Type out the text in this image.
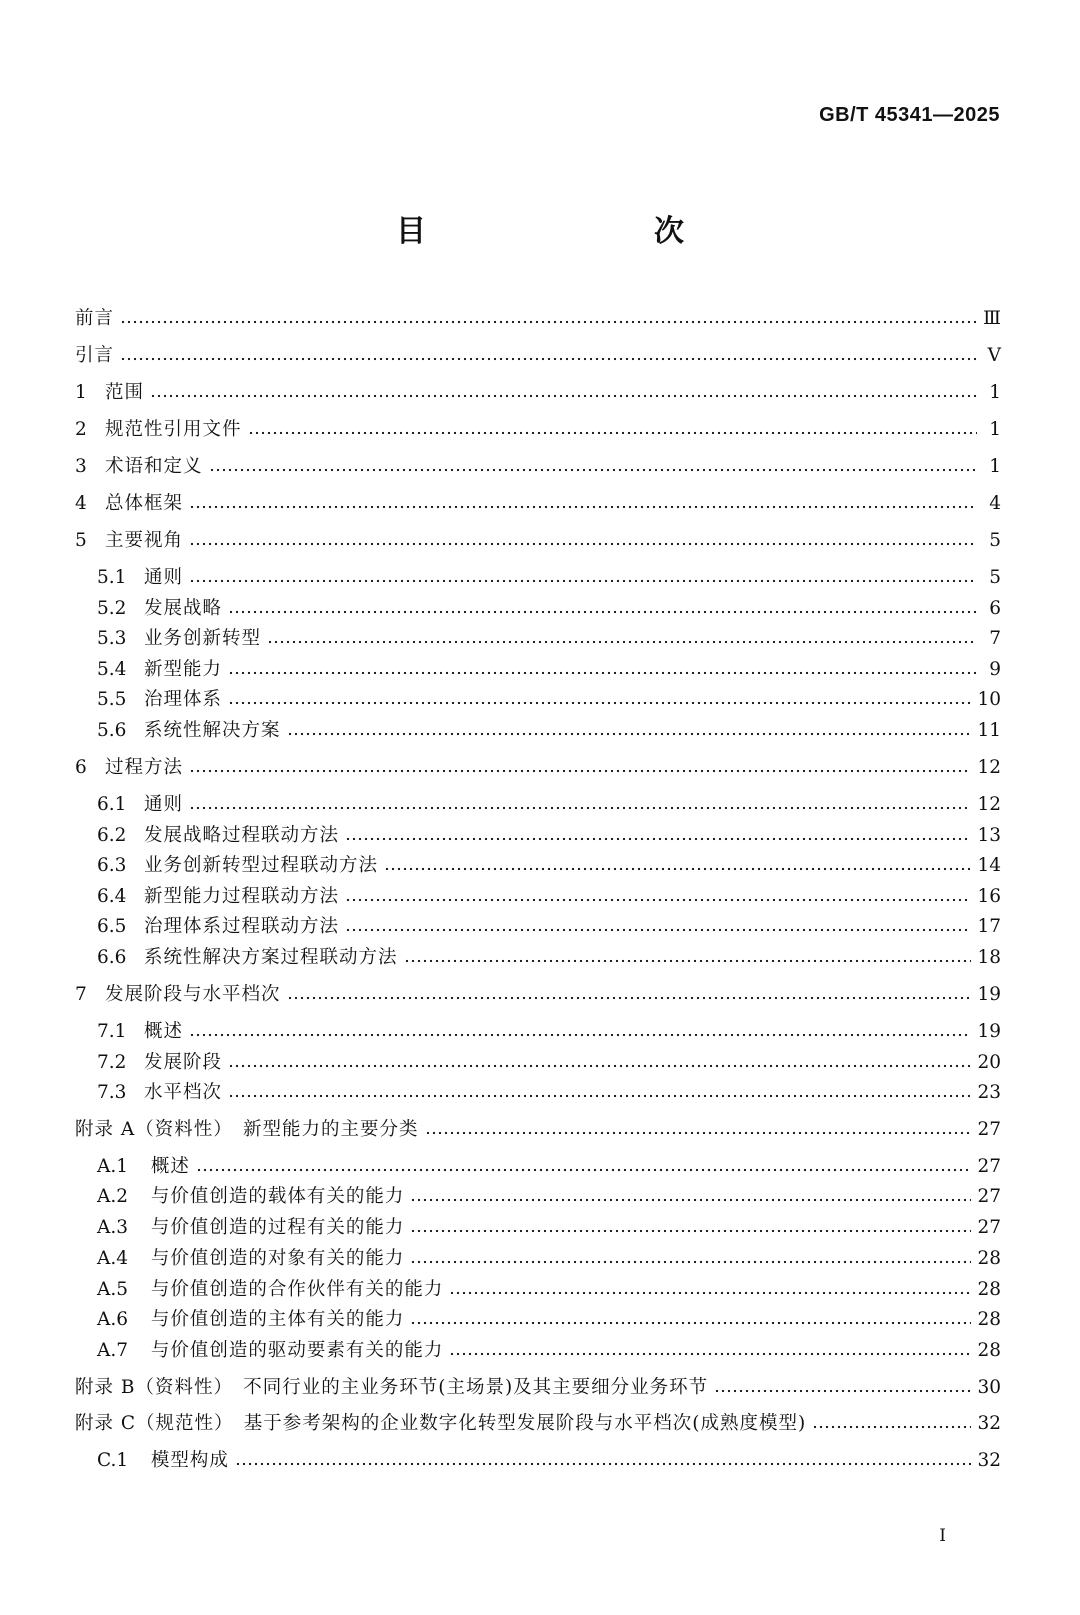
GB/T 45341—2025
目　　次
前言	Ⅲ
引言	Ⅴ
1 范围	1
2 规范性引用文件	1
3 术语和定义	1
4 总体框架	4
5 主要视角	5
5.1 通则	5
5.2 发展战略	6
5.3 业务创新转型	7
5.4 新型能力	9
5.5 治理体系	10
5.6 系统性解决方案	11
6 过程方法	12
6.1 通则	12
6.2 发展战略过程联动方法	13
6.3 业务创新转型过程联动方法	14
6.4 新型能力过程联动方法	16
6.5 治理体系过程联动方法	17
6.6 系统性解决方案过程联动方法	18
7 发展阶段与水平档次	19
7.1 概述	19
7.2 发展阶段	20
7.3 水平档次	23
附录 A（资料性）　新型能力的主要分类	27
A.1 概述	27
A.2 与价值创造的载体有关的能力	27
A.3 与价值创造的过程有关的能力	27
A.4 与价值创造的对象有关的能力	28
A.5 与价值创造的合作伙伴有关的能力	28
A.6 与价值创造的主体有关的能力	28
A.7 与价值创造的驱动要素有关的能力	28
附录 B（资料性）　不同行业的主业务环节(主场景)及其主要细分业务环节	30
附录 C（规范性）　基于参考架构的企业数字化转型发展阶段与水平档次(成熟度模型)	32
C.1 模型构成	32
I
